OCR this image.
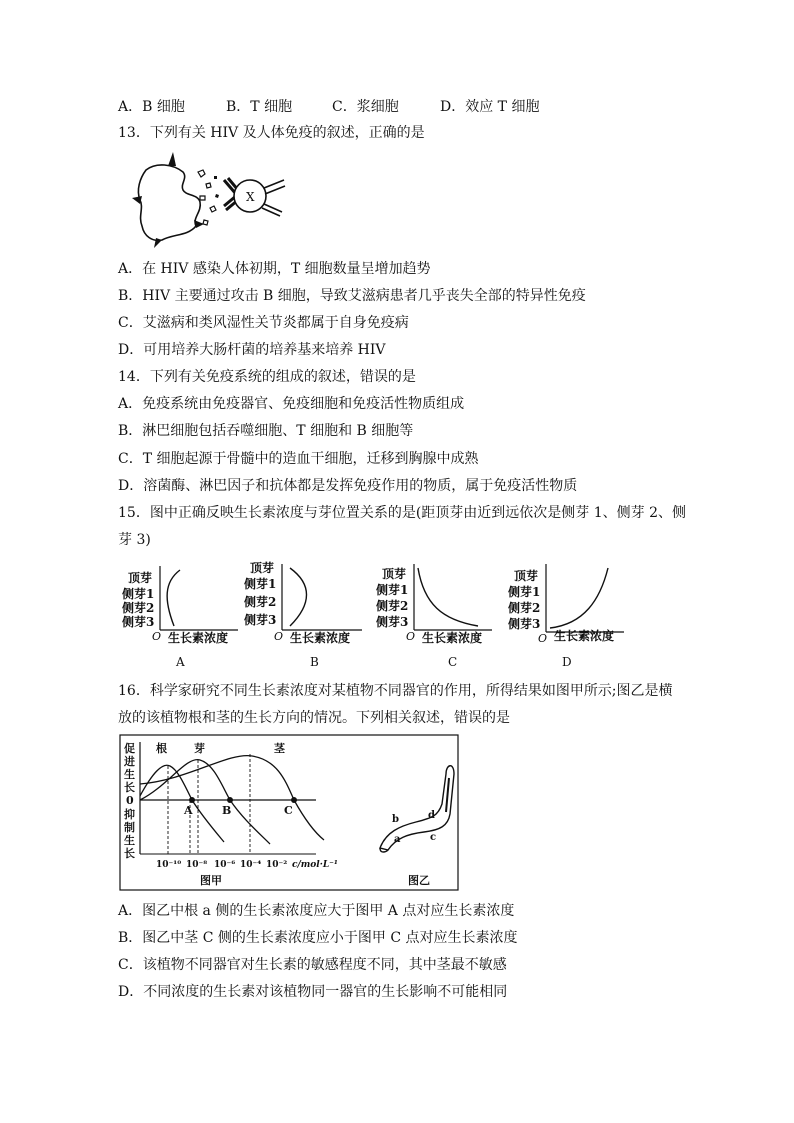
A．B 细胞	B．T 细胞	C．浆细胞	D．效应 T 细胞
13．下列有关 HIV 及人体免疫的叙述，正确的是
X
A．在 HIV 感染人体初期，T 细胞数量呈增加趋势
B．HIV 主要通过攻击 B 细胞，导致艾滋病患者几乎丧失全部的特异性免疫
C．艾滋病和类风湿性关节炎都属于自身免疫病
D．可用培养大肠杆菌的培养基来培养 HIV
14．下列有关免疫系统的组成的叙述，错误的是
A．免疫系统由免疫器官、免疫细胞和免疫活性物质组成
B．淋巴细胞包括吞噬细胞、T 细胞和 B 细胞等
C．T 细胞起源于骨髓中的造血干细胞，迁移到胸腺中成熟
D．溶菌酶、淋巴因子和抗体都是发挥免疫作用的物质，属于免疫活性物质
15．图中正确反映生长素浓度与芽位置关系的是(距顶芽由近到远依次是侧芽 1、侧芽 2、侧
芽 3)
顶芽
侧芽1
侧芽2
侧芽3
O 生长素浓度
A
顶芽
侧芽1
侧芽2
侧芽3
O 生长素浓度
B
顶芽
侧芽1
侧芽2
侧芽3
O 生长素浓度
C
顶芽
侧芽1
侧芽2
侧芽3
O 生长素浓度
D
16．科学家研究不同生长素浓度对某植物不同器官的作用，所得结果如图甲所示;图乙是横
放的该植物根和茎的生长方向的情况。下列相关叙述，错误的是
促
进
生
长
0
抑
制
生
长
根 芽	茎
A	B	C
10⁻¹⁰ 10⁻⁸ 10⁻⁶ 10⁻⁴ 10⁻² c/mol·L⁻¹
图甲
b
a
d
c
图乙
A．图乙中根 a 侧的生长素浓度应大于图甲 A 点对应生长素浓度
B．图乙中茎 C 侧的生长素浓度应小于图甲 C 点对应生长素浓度
C．该植物不同器官对生长素的敏感程度不同，其中茎最不敏感
D．不同浓度的生长素对该植物同一器官的生长影响不可能相同
